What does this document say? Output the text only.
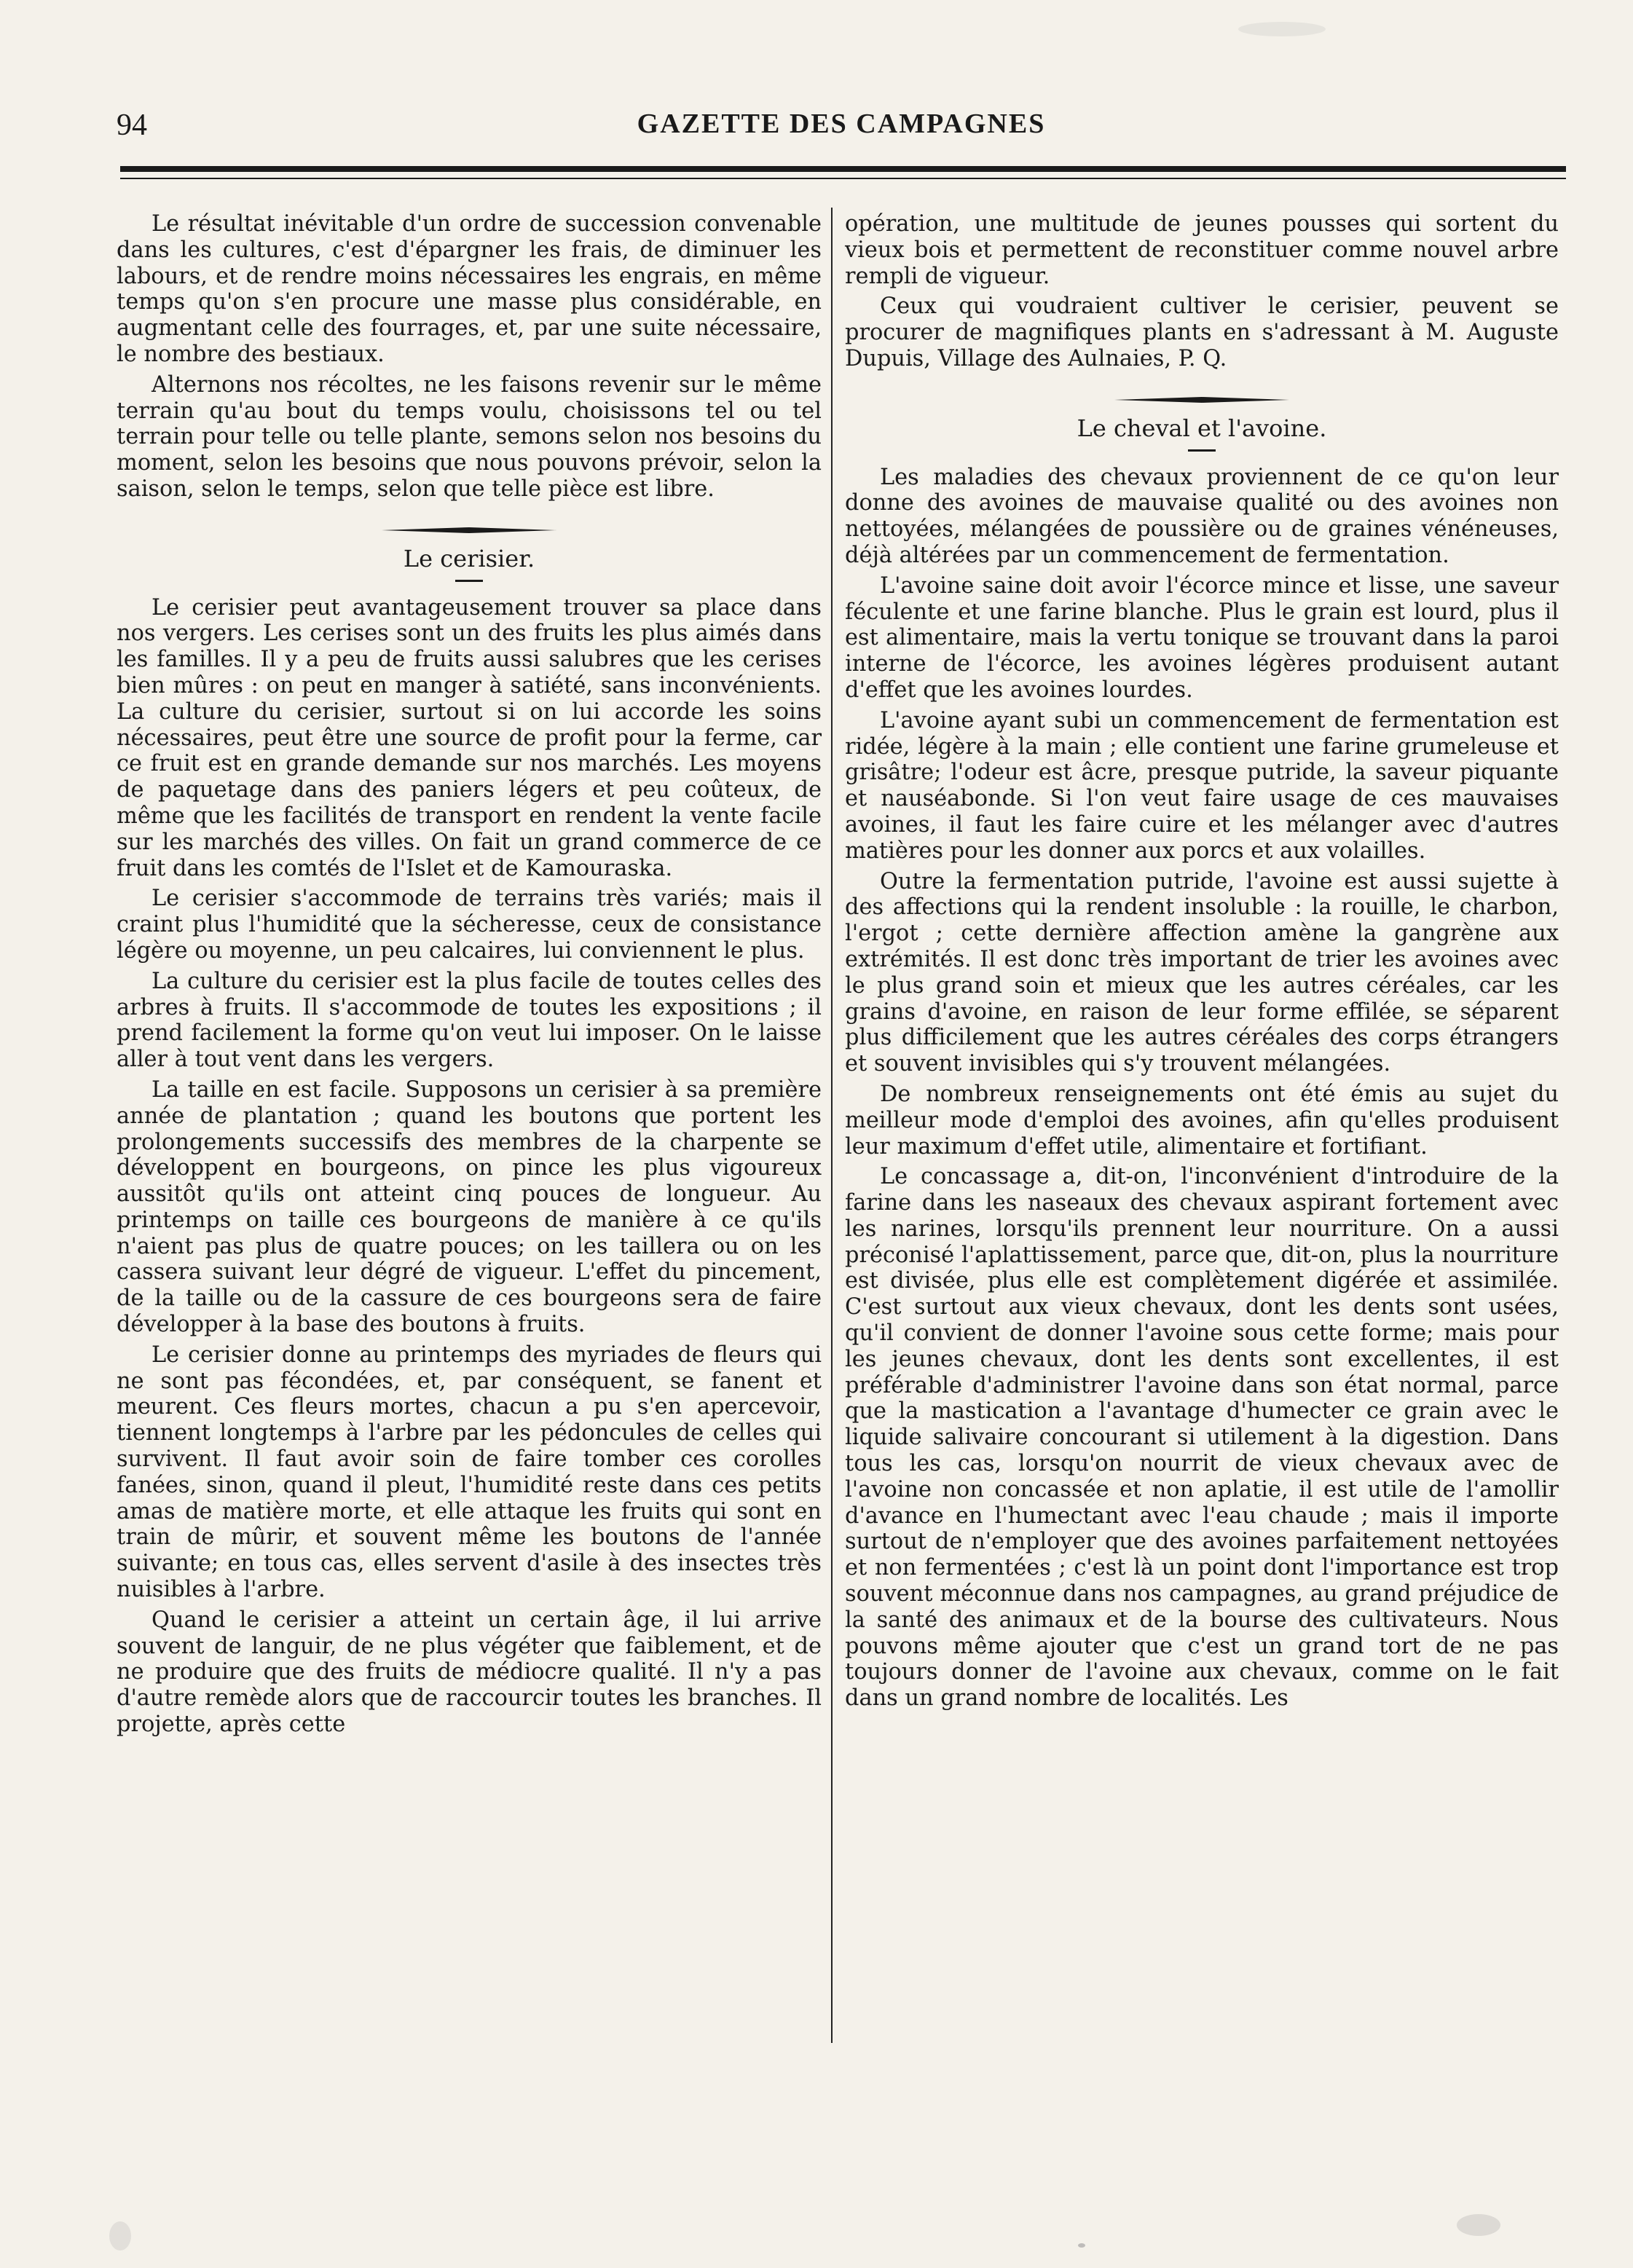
94	GAZETTE DES CAMPAGNES

Le résultat inévitable d'un ordre de succession convenable dans les cultures, c'est d'épargner les frais, de diminuer les labours, et de rendre moins nécessaires les engrais, en même temps qu'on s'en procure une masse plus considérable, en augmentant celle des fourrages, et, par une suite nécessaire, le nombre des bestiaux.

Alternons nos récoltes, ne les faisons revenir sur le même terrain qu'au bout du temps voulu, choisissons tel ou tel terrain pour telle ou telle plante, semons selon nos besoins du moment, selon les besoins que nous pouvons prévoir, selon la saison, selon le temps, selon que telle pièce est libre.

Le cerisier.

Le cerisier peut avantageusement trouver sa place dans nos vergers. Les cerises sont un des fruits les plus aimés dans les familles. Il y a peu de fruits aussi salubres que les cerises bien mûres : on peut en manger à satiété, sans inconvénients. La culture du cerisier, surtout si on lui accorde les soins nécessaires, peut être une source de profit pour la ferme, car ce fruit est en grande demande sur nos marchés. Les moyens de paquetage dans des paniers légers et peu coûteux, de même que les facilités de transport en rendent la vente facile sur les marchés des villes. On fait un grand commerce de ce fruit dans les comtés de l'Islet et de Kamouraska.

Le cerisier s'accommode de terrains très variés; mais il craint plus l'humidité que la sécheresse, ceux de consistance légère ou moyenne, un peu calcaires, lui conviennent le plus.

La culture du cerisier est la plus facile de toutes celles des arbres à fruits. Il s'accommode de toutes les expositions ; il prend facilement la forme qu'on veut lui imposer. On le laisse aller à tout vent dans les vergers.

La taille en est facile. Supposons un cerisier à sa première année de plantation ; quand les boutons que portent les prolongements successifs des membres de la charpente se développent en bourgeons, on pince les plus vigoureux aussitôt qu'ils ont atteint cinq pouces de longueur. Au printemps on taille ces bourgeons de manière à ce qu'ils n'aient pas plus de quatre pouces; on les taillera ou on les cassera suivant leur dégré de vigueur. L'effet du pincement, de la taille ou de la cassure de ces bourgeons sera de faire développer à la base des boutons à fruits.

Le cerisier donne au printemps des myriades de fleurs qui ne sont pas fécondées, et, par conséquent, se fanent et meurent. Ces fleurs mortes, chacun a pu s'en apercevoir, tiennent longtemps à l'arbre par les pédoncules de celles qui survivent. Il faut avoir soin de faire tomber ces corolles fanées, sinon, quand il pleut, l'humidité reste dans ces petits amas de matière morte, et elle attaque les fruits qui sont en train de mûrir, et souvent même les boutons de l'année suivante; en tous cas, elles servent d'asile à des insectes très nuisibles à l'arbre.

Quand le cerisier a atteint un certain âge, il lui arrive souvent de languir, de ne plus végéter que faiblement, et de ne produire que des fruits de médiocre qualité. Il n'y a pas d'autre remède alors que de raccourcir toutes les branches. Il projette, après cette

opération, une multitude de jeunes pousses qui sortent du vieux bois et permettent de reconstituer comme nouvel arbre rempli de vigueur.

Ceux qui voudraient cultiver le cerisier, peuvent se procurer de magnifiques plants en s'adressant à M. Auguste Dupuis, Village des Aulnaies, P. Q.

Le cheval et l'avoine.

Les maladies des chevaux proviennent de ce qu'on leur donne des avoines de mauvaise qualité ou des avoines non nettoyées, mélangées de poussière ou de graines vénéneuses, déjà altérées par un commencement de fermentation.

L'avoine saine doit avoir l'écorce mince et lisse, une saveur féculente et une farine blanche. Plus le grain est lourd, plus il est alimentaire, mais la vertu tonique se trouvant dans la paroi interne de l'écorce, les avoines légères produisent autant d'effet que les avoines lourdes.

L'avoine ayant subi un commencement de fermentation est ridée, légère à la main ; elle contient une farine grumeleuse et grisâtre; l'odeur est âcre, presque putride, la saveur piquante et nauséabonde. Si l'on veut faire usage de ces mauvaises avoines, il faut les faire cuire et les mélanger avec d'autres matières pour les donner aux porcs et aux volailles.

Outre la fermentation putride, l'avoine est aussi sujette à des affections qui la rendent insoluble : la rouille, le charbon, l'ergot ; cette dernière affection amène la gangrène aux extrémités. Il est donc très important de trier les avoines avec le plus grand soin et mieux que les autres céréales, car les grains d'avoine, en raison de leur forme effilée, se séparent plus difficilement que les autres céréales des corps étrangers et souvent invisibles qui s'y trouvent mélangées.

De nombreux renseignements ont été émis au sujet du meilleur mode d'emploi des avoines, afin qu'elles produisent leur maximum d'effet utile, alimentaire et fortifiant.

Le concassage a, dit-on, l'inconvénient d'introduire de la farine dans les naseaux des chevaux aspirant fortement avec les narines, lorsqu'ils prennent leur nourriture. On a aussi préconisé l'aplattissement, parce que, dit-on, plus la nourriture est divisée, plus elle est complètement digérée et assimilée. C'est surtout aux vieux chevaux, dont les dents sont usées, qu'il convient de donner l'avoine sous cette forme; mais pour les jeunes chevaux, dont les dents sont excellentes, il est préférable d'administrer l'avoine dans son état normal, parce que la mastication a l'avantage d'humecter ce grain avec le liquide salivaire concourant si utilement à la digestion. Dans tous les cas, lorsqu'on nourrit de vieux chevaux avec de l'avoine non concassée et non aplatie, il est utile de l'amollir d'avance en l'humectant avec l'eau chaude ; mais il importe surtout de n'employer que des avoines parfaitement nettoyées et non fermentées ; c'est là un point dont l'importance est trop souvent méconnue dans nos campagnes, au grand préjudice de la santé des animaux et de la bourse des cultivateurs. Nous pouvons même ajouter que c'est un grand tort de ne pas toujours donner de l'avoine aux chevaux, comme on le fait dans un grand nombre de localités. Les
